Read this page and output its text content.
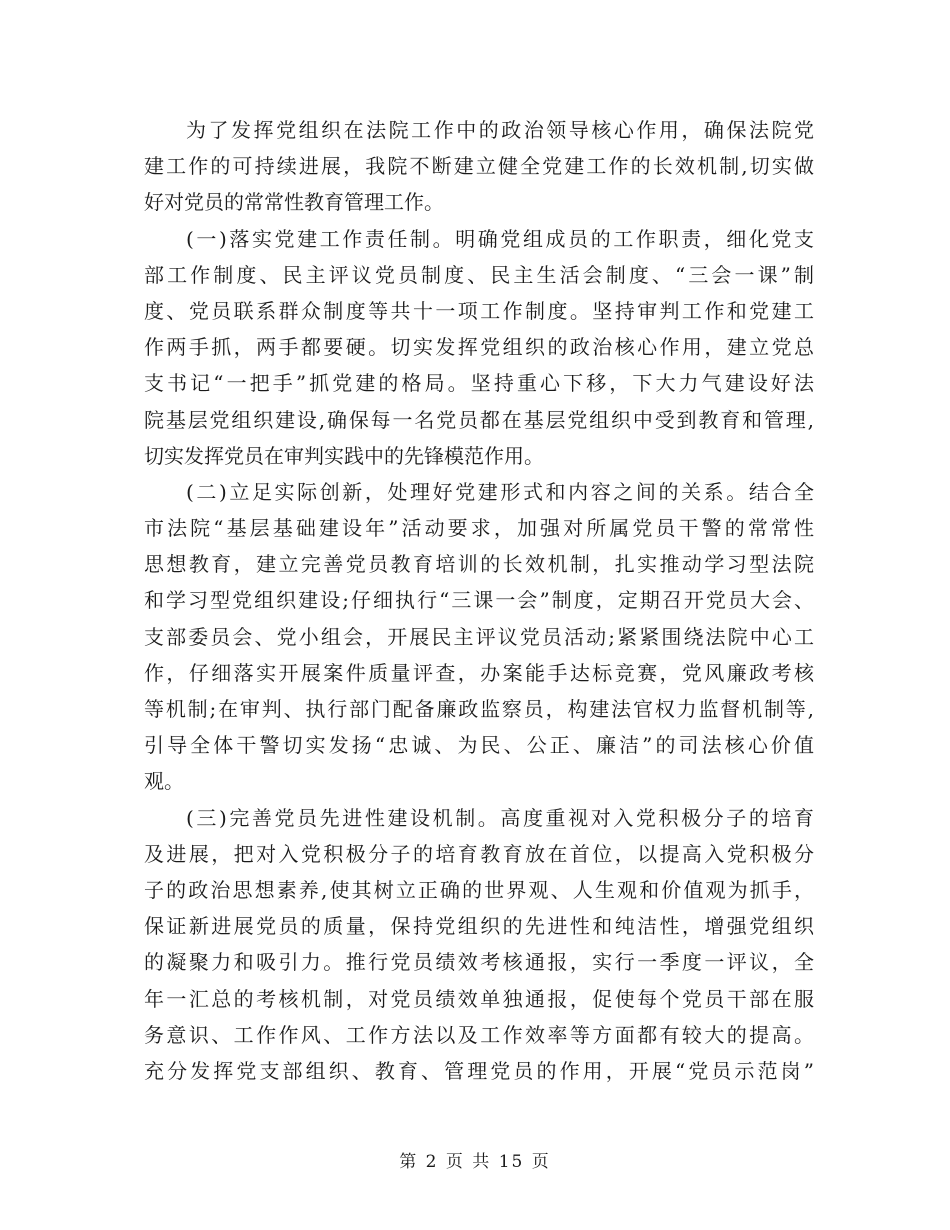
为了发挥党组织在法院工作中的政治领导核心作用，确保法院党
建工作的可持续进展，我院不断建立健全党建工作的长效机制,切实做
好对党员的常常性教育管理工作。
(一)落实党建工作责任制。明确党组成员的工作职责，细化党支
部工作制度、民主评议党员制度、民主生活会制度、“三会一课”制
度、党员联系群众制度等共十一项工作制度。坚持审判工作和党建工
作两手抓，两手都要硬。切实发挥党组织的政治核心作用，建立党总
支书记“一把手”抓党建的格局。坚持重心下移，下大力气建设好法
院基层党组织建设,确保每一名党员都在基层党组织中受到教育和管理,
切实发挥党员在审判实践中的先锋模范作用。
(二)立足实际创新，处理好党建形式和内容之间的关系。结合全
市法院“基层基础建设年”活动要求，加强对所属党员干警的常常性
思想教育，建立完善党员教育培训的长效机制，扎实推动学习型法院
和学习型党组织建设;仔细执行“三课一会”制度，定期召开党员大会、
支部委员会、党小组会，开展民主评议党员活动;紧紧围绕法院中心工
作，仔细落实开展案件质量评查，办案能手达标竞赛，党风廉政考核
等机制;在审判、执行部门配备廉政监察员，构建法官权力监督机制等,
引导全体干警切实发扬“忠诚、为民、公正、廉洁”的司法核心价值
观。
(三)完善党员先进性建设机制。高度重视对入党积极分子的培育
及进展，把对入党积极分子的培育教育放在首位，以提高入党积极分
子的政治思想素养,使其树立正确的世界观、人生观和价值观为抓手，
保证新进展党员的质量，保持党组织的先进性和纯洁性，增强党组织
的凝聚力和吸引力。推行党员绩效考核通报，实行一季度一评议，全
年一汇总的考核机制，对党员绩效单独通报，促使每个党员干部在服
务意识、工作作风、工作方法以及工作效率等方面都有较大的提高。
充分发挥党支部组织、教育、管理党员的作用，开展“党员示范岗”
第 2 页 共 15 页
